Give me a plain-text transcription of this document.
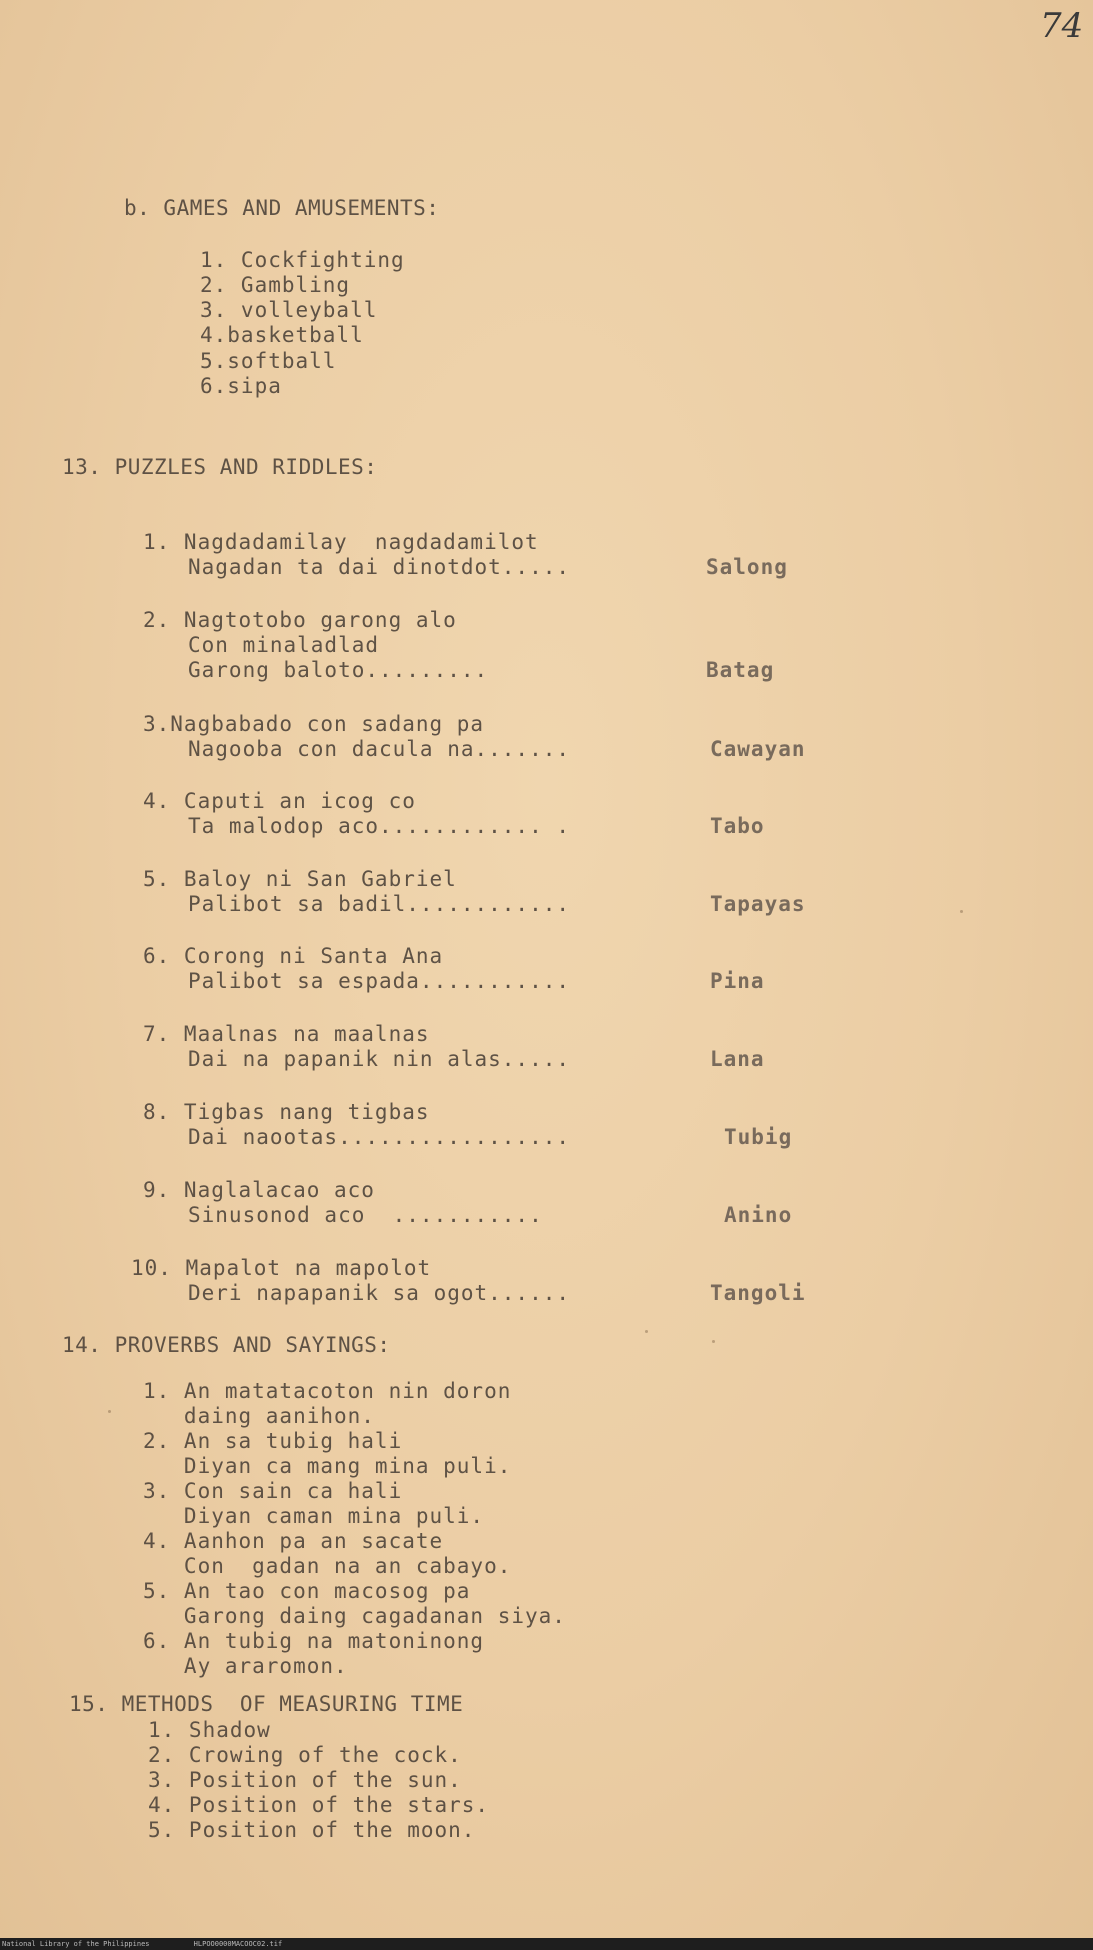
74
b. GAMES AND AMUSEMENTS:
1. Cockfighting
2. Gambling
3. volleyball
4.basketball
5.softball
6.sipa
13. PUZZLES AND RIDDLES:
1. Nagdadamilay  nagdadamilot
Nagadan ta dai dinotdot.....	Salong
2. Nagtotobo garong alo
Con minaladlad
Garong baloto.........	Batag
3.Nagbabado con sadang pa
Nagooba con dacula na.......	Cawayan
4. Caputi an icog co
Ta malodop aco............ .	Tabo
5. Baloy ni San Gabriel
Palibot sa badil............	Tapayas
6. Corong ni Santa Ana
Palibot sa espada...........	Pina
7. Maalnas na maalnas
Dai na papanik nin alas.....	Lana
8. Tigbas nang tigbas
Dai naootas.................	Tubig
9. Naglalacao aco
Sinusonod aco  ...........	Anino
10. Mapalot na mapolot
Deri napapanik sa ogot......	Tangoli
14. PROVERBS AND SAYINGS:
1. An matatacoton nin doron
daing aanihon.
2. An sa tubig hali
Diyan ca mang mina puli.
3. Con sain ca hali
Diyan caman mina puli.
4. Aanhon pa an sacate
Con  gadan na an cabayo.
5. An tao con macosog pa
Garong daing cagadanan siya.
6. An tubig na matoninong
Ay araromon.
15. METHODS  OF MEASURING TIME
1. Shadow
2. Crowing of the cock.
3. Position of the sun.
4. Position of the stars.
5. Position of the moon.
National Library of the Philippines	HLPOO0000MACOOC02.tif
